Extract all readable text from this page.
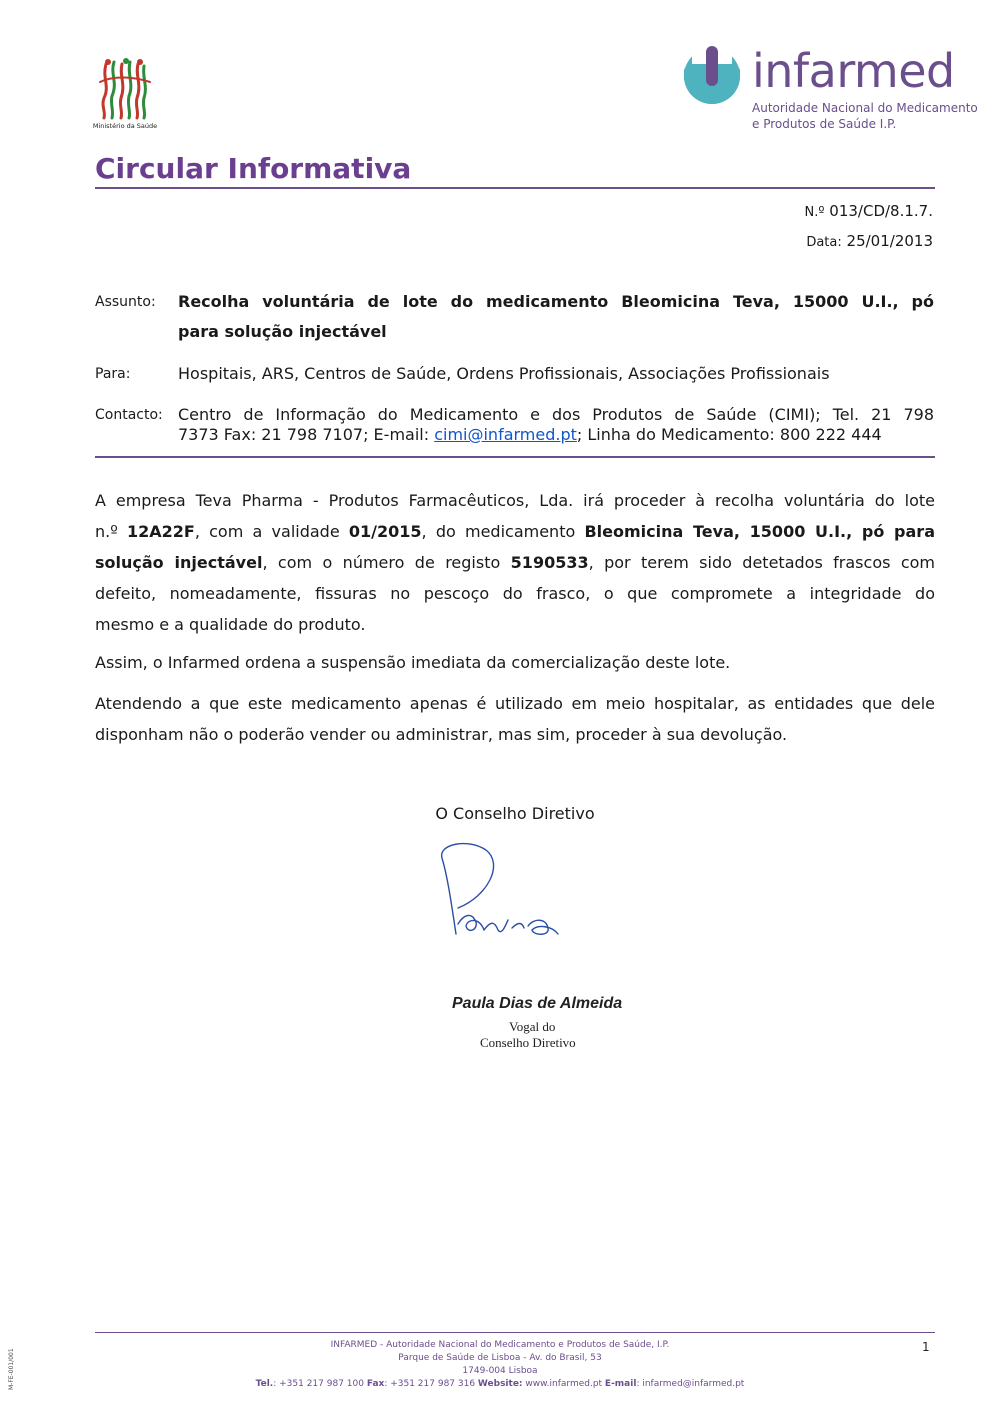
Ministério da Saúde
infarmed
Autoridade Nacional do Medicamento
e Produtos de Saúde I.P.
Circular Informativa
N.º 013/CD/8.1.7.
Data: 25/01/2013
Assunto: Recolha voluntária de lote do medicamento Bleomicina Teva, 15000 U.I., pó
para solução injectável
Para:	Hospitais, ARS, Centros de Saúde, Ordens Profissionais, Associações Profissionais
Contacto: Centro de Informação do Medicamento e dos Produtos de Saúde (CIMI); Tel. 21 798
7373 Fax: 21 798 7107; E-mail: cimi@infarmed.pt; Linha do Medicamento: 800 222 444
A empresa Teva Pharma - Produtos Farmacêuticos, Lda. irá proceder à recolha voluntária do lote
n.º 12A22F, com a validade 01/2015, do medicamento Bleomicina Teva, 15000 U.I., pó para
solução injectável, com o número de registo 5190533, por terem sido detetados frascos com
defeito, nomeadamente, fissuras no pescoço do frasco, o que compromete a integridade do
mesmo e a qualidade do produto.
Assim, o Infarmed ordena a suspensão imediata da comercialização deste lote.
Atendendo a que este medicamento apenas é utilizado em meio hospitalar, as entidades que dele
disponham não o poderão vender ou administrar, mas sim, proceder à sua devolução.
O Conselho Diretivo
Paula Dias de Almeida
Vogal do
Conselho Diretivo
INFARMED - Autoridade Nacional do Medicamento e Produtos de Saúde, I.P.
Parque de Saúde de Lisboa - Av. do Brasil, 53
1749-004 Lisboa
Tel.: +351 217 987 100 Fax: +351 217 987 316 Website: www.infarmed.pt E-mail: infarmed@infarmed.pt
1
M-FE-001/001
